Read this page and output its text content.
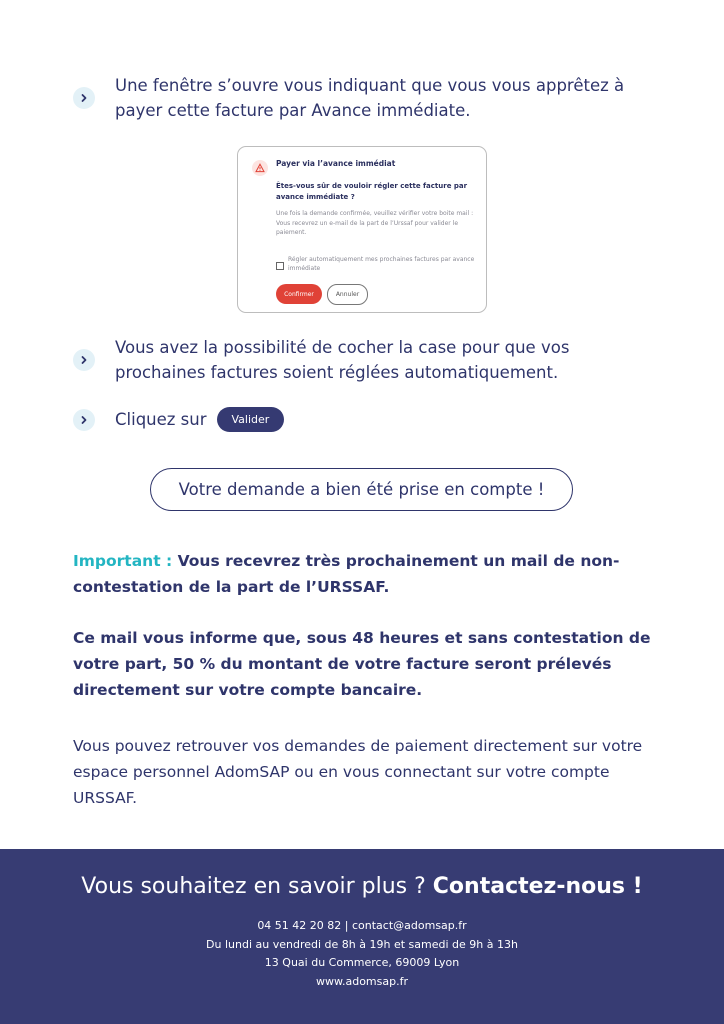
Une fenêtre s’ouvre vous indiquant que vous vous apprêtez à payer cette facture par Avance immédiate.
Payer via l’avance immédiat
Êtes-vous sûr de vouloir régler cette facture par avance immédiate ?
Une fois la demande confirmée, veuillez vérifier votre boite mail :
Vous recevrez un e-mail de la part de l’Urssaf pour valider le paiement.
Régler automatiquement mes prochaines factures par avance immédiate
Confirmer	Annuler
Vous avez la possibilité de cocher la case pour que vos prochaines factures soient réglées automatiquement.
Cliquez sur	Valider
Votre demande a bien été prise en compte !
Important : Vous recevrez très prochainement un mail de non-contestation de la part de l’URSSAF.
Ce mail vous informe que, sous 48 heures et sans contestation de votre part, 50 % du montant de votre facture seront prélevés directement sur votre compte bancaire.
Vous pouvez retrouver vos demandes de paiement directement sur votre espace personnel AdomSAP ou en vous connectant sur votre compte URSSAF.
Vous souhaitez en savoir plus ? Contactez-nous !
04 51 42 20 82 | contact@adomsap.fr
Du lundi au vendredi de 8h à 19h et samedi de 9h à 13h
13 Quai du Commerce, 69009 Lyon
www.adomsap.fr
